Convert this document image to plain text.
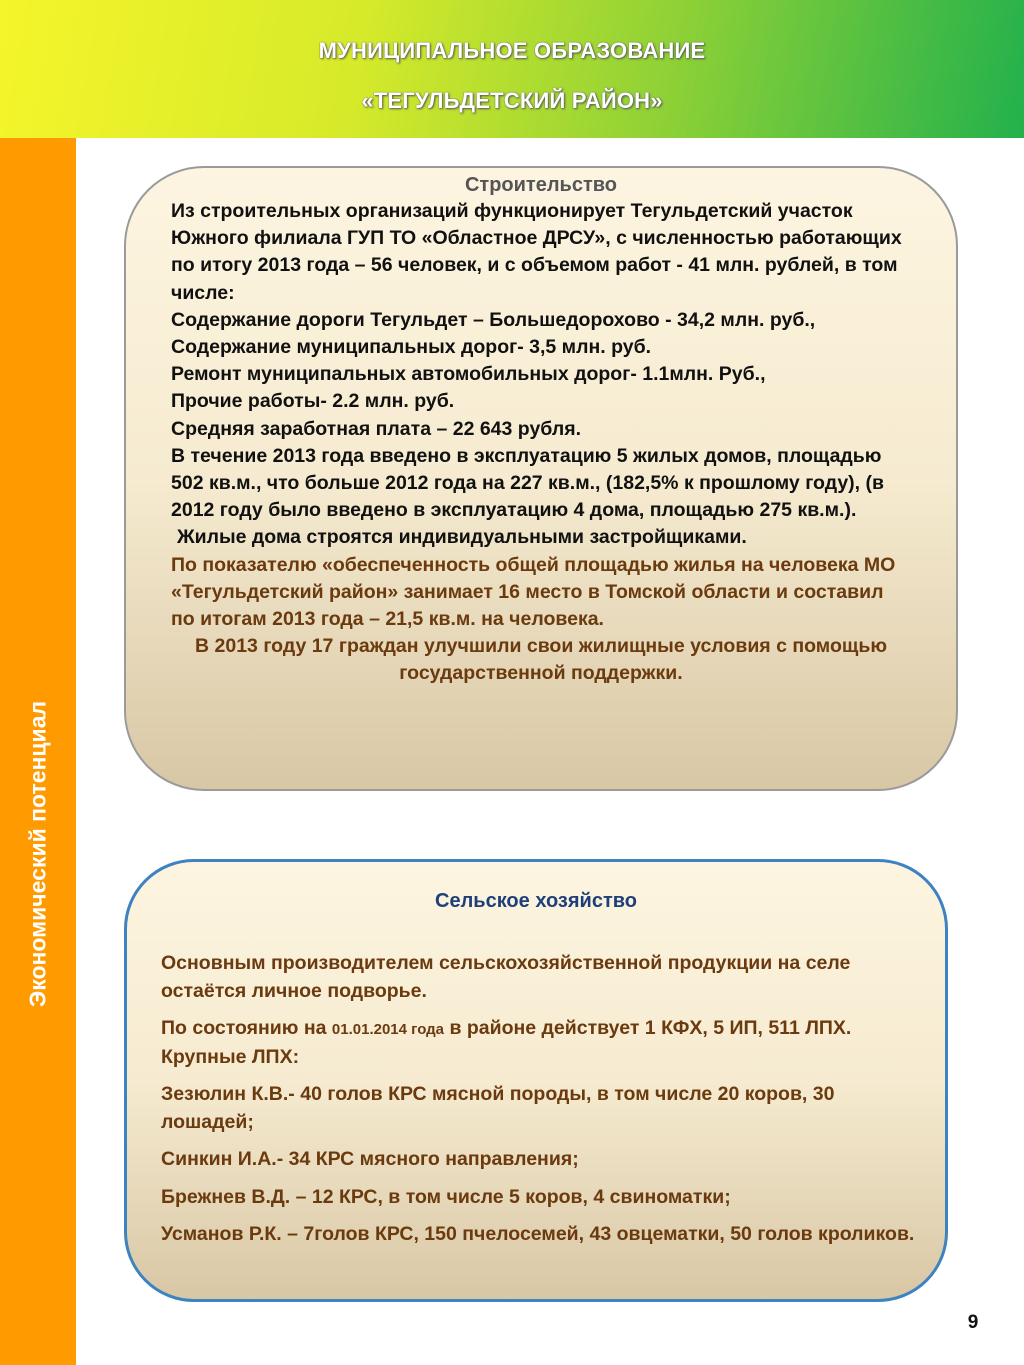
МУНИЦИПАЛЬНОЕ ОБРАЗОВАНИЕ
«ТЕГУЛЬДЕТСКИЙ РАЙОН»
Экономический потенциал
Строительство

Из строительных организаций функционирует Тегульдетский участок Южного филиала ГУП ТО «Областное ДРСУ», с численностью работающих по итогу 2013 года – 56 человек, и с объемом работ - 41 млн. рублей, в том числе:

Содержание дороги Тегульдет – Большедорохово - 34,2 млн. руб.,

Содержание муниципальных дорог- 3,5 млн. руб.

Ремонт муниципальных автомобильных дорог- 1.1млн. Руб.,

Прочие работы- 2.2 млн. руб.

Средняя заработная плата – 22 643 рубля.

В течение 2013 года введено в эксплуатацию 5 жилых домов, площадью 502 кв.м., что больше 2012 года на 227 кв.м., (182,5% к прошлому году), (в 2012 году было введено в эксплуатацию 4 дома, площадью 275 кв.м.).

Жилые дома строятся индивидуальными застройщиками.

По показателю «обеспеченность общей площадью жилья на человека МО «Тегульдетский район» занимает 16 место в Томской области и составил по итогам 2013 года – 21,5 кв.м. на человека.

В 2013 году 17 граждан улучшили свои жилищные условия с помощью государственной поддержки.

Сельское хозяйство

Основным производителем сельскохозяйственной продукции на селе остаётся личное подворье.

По состоянию на 01.01.2014 года в районе действует 1 КФХ, 5 ИП, 511 ЛПХ. Крупные ЛПХ:

Зезюлин К.В.- 40 голов КРС мясной породы, в том числе 20 коров, 30 лошадей;

Синкин И.А.- 34 КРС мясного направления;

Брежнев В.Д. – 12 КРС, в том числе 5 коров, 4 свиноматки;

Усманов Р.К. – 7голов КРС, 150 пчелосемей, 43 овцематки, 50 голов кроликов.

9
